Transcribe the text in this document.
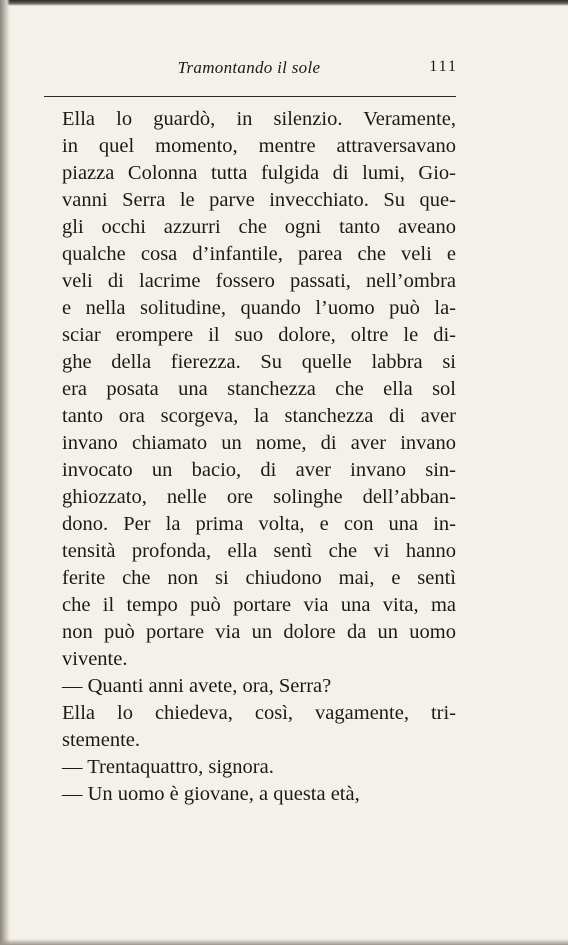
Tramontando il sole	111

Ella lo guardò, in silenzio. Veramente,
in quel momento, mentre attraversavano
piazza Colonna tutta fulgida di lumi, Gio-
vanni Serra le parve invecchiato. Su que-
gli occhi azzurri che ogni tanto aveano
qualche cosa d’infantile, parea che veli e
veli di lacrime fossero passati, nell’ombra
e nella solitudine, quando l’uomo può la-
sciar erompere il suo dolore, oltre le di-
ghe della fierezza. Su quelle labbra si
era posata una stanchezza che ella sol
tanto ora scorgeva, la stanchezza di aver
invano chiamato un nome, di aver invano
invocato un bacio, di aver invano sin-
ghiozzato, nelle ore solinghe dell’abban-
dono. Per la prima volta, e con una in-
tensità profonda, ella sentì che vi hanno
ferite che non si chiudono mai, e sentì
che il tempo può portare via una vita, ma
non può portare via un dolore da un uomo
vivente.

— Quanti anni avete, ora, Serra?

Ella lo chiedeva, così, vagamente, tri-
stemente.

— Trentaquattro, signora.

— Un uomo è giovane, a questa età,
